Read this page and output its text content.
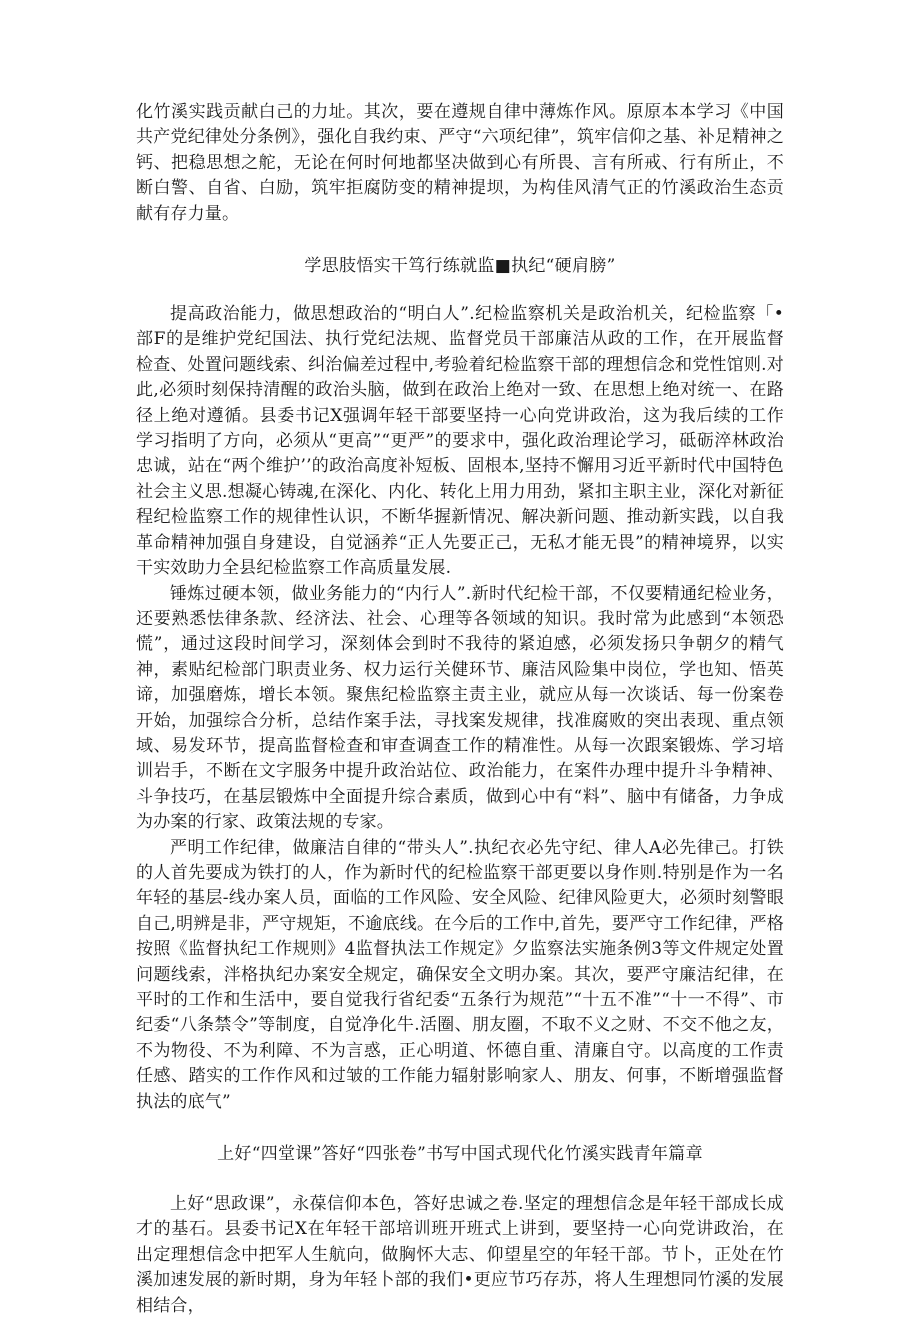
化竹溪实践贡献白己的力址。其次，要在遵规自律中薄炼作风。原原本本学习《中国共产党纪律处分条例》，强化自我约束、严守“六项纪律”，筑牢信仰之基、补足精神之钙、把稳思想之舵，无论在何时何地都坚决做到心有所畏、言有所戒、行有所止，不断白警、自省、白励，筑牢拒腐防变的精神提坝，为构佳风清气正的竹溪政治生态贡献有存力量。

学思肢悟实干笃行练就监■执纪“硬肩膀”

提高政治能力，做思想政治的“明白人”.纪检监察机关是政治机关，纪检监察「•部F的是维护党纪国法、执行党纪法规、监督党员干部廉洁从政的工作，在开展监督检查、处置问题线索、纠治偏差过程中,考验着纪检监察干部的理想信念和党性馆则.对此,必须时刻保持清醒的政治头脑，做到在政治上绝对一致、在思想上绝对统一、在路径上绝对遵循。县委书记X强调年轻干部要坚持一心向党讲政治，这为我后续的工作学习指明了方向，必须从“更高”“更严”的要求中，强化政治理论学习，砥砺淬林政治忠诚，站在“两个维护’’的政治高度补短板、固根本,坚持不懈用习近平新时代中国特色社会主义思.想凝心铸魂,在深化、内化、转化上用力用劲，紧扣主职主业，深化对新征程纪检监察工作的规律性认识，不断华握新情况、解决新问题、推动新实践，以自我革命精神加强自身建设，自觉涵养“正人先要正己，无私才能无畏”的精神境界，以实干实效助力全县纪检监察工作高质量发展.

锤炼过硬本领，做业务能力的“内行人”.新时代纪检干部，不仅要精通纪检业务，还要熟悉怯律条款、经济法、社会、心理等各领域的知识。我时常为此感到“本领恐慌”，通过这段时间学习，深刻体会到时不我待的紧迫感，必须发扬只争朝夕的精气神，素贴纪检部门职责业务、权力运行关健环节、廉洁风险集中岗位，学也知、悟英谛，加强磨炼，增长本领。聚焦纪检监察主责主业，就应从每一次谈话、每一份案卷开始，加强综合分析，总结作案手法，寻找案发规律，找准腐败的突出表现、重点领域、易发环节，提高监督检查和审查调查工作的精准性。从每一次跟案锻炼、学习培训岩手，不断在文字服务中提升政治站位、政治能力，在案件办理中提升斗争精神、斗争技巧，在基层锻炼中全面提升综合素质，做到心中有“料”、脑中有储备，力争成为办案的行家、政策法规的专家。

严明工作纪律，做廉洁自律的“带头人”.执纪衣必先守纪、律人A必先律己。打铁的人首先要成为铁打的人，作为新时代的纪检监察干部更要以身作则.特别是作为一名年轻的基层-线办案人员，面临的工作风险、安全风险、纪律风险更大，必须时刻警眼自己,明辨是非，严守规矩，不逾底线。在今后的工作中,首先，要严守工作纪律，严格按照《监督执纪工作规则》4监督执法工作规定》夕监察法实施条例3等文件规定处置问题线索，泮格执纪办案安全规定，确保安全文明办案。其次，要严守廉洁纪律，在平时的工作和生活中，要自觉我行省纪委“五条行为规范”“十五不准”“十一不得”、市纪委“八条禁令”等制度，自觉净化牛.活圈、朋友圈，不取不义之财、不交不他之友，不为物役、不为利障、不为言惑，正心明道、怀德自重、清廉自守。以高度的工作责任感、踏实的工作作风和过皱的工作能力辐射影响家人、朋友、何事，不断增强监督执法的底气”

上好“四堂课”答好“四张卷”书写中国式现代化竹溪实践青年篇章

上好“思政课”，永葆信仰本色，答好忠诚之卷.坚定的理想信念是年轻干部成长成才的基石。县委书记X在年轻干部培训班开班式上讲到，要坚持一心向党讲政治，在出定理想信念中把军人生航向，做胸怀大志、仰望星空的年轻干部。节卜，正处在竹溪加速发展的新时期，身为年轻卜部的我们•更应节巧存苏，将人生理想同竹溪的发展相结合，
